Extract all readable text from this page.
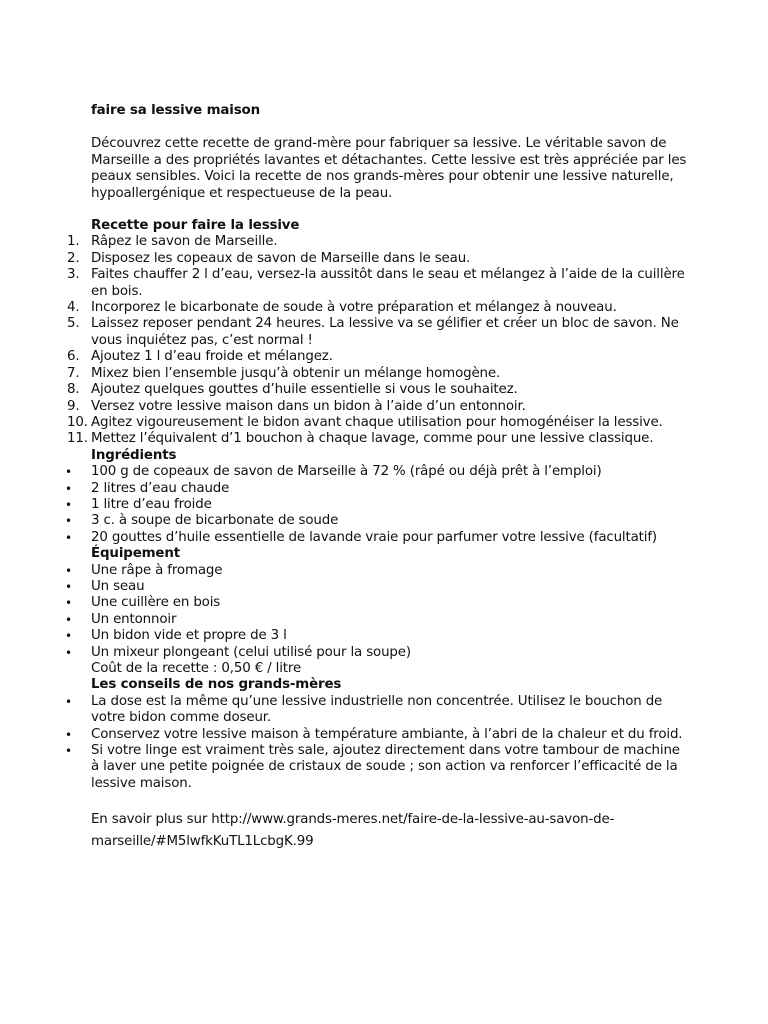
faire sa lessive maison

Découvrez cette recette de grand-mère pour fabriquer sa lessive. Le véritable savon de Marseille a des propriétés lavantes et détachantes. Cette lessive est très appréciée par les peaux sensibles. Voici la recette de nos grands-mères pour obtenir une lessive naturelle, hypoallergénique et respectueuse de la peau.

Recette pour faire la lessive

1. Râpez le savon de Marseille.
2. Disposez les copeaux de savon de Marseille dans le seau.
3. Faites chauffer 2 l d’eau, versez-la aussitôt dans le seau et mélangez à l’aide de la cuillère en bois.
4. Incorporez le bicarbonate de soude à votre préparation et mélangez à nouveau.
5. Laissez reposer pendant 24 heures. La lessive va se gélifier et créer un bloc de savon. Ne vous inquiétez pas, c’est normal !
6. Ajoutez 1 l d’eau froide et mélangez.
7. Mixez bien l’ensemble jusqu’à obtenir un mélange homogène.
8. Ajoutez quelques gouttes d’huile essentielle si vous le souhaitez.
9. Versez votre lessive maison dans un bidon à l’aide d’un entonnoir.
10. Agitez vigoureusement le bidon avant chaque utilisation pour homogénéiser la lessive.
11. Mettez l’équivalent d’1 bouchon à chaque lavage, comme pour une lessive classique.

Ingrédients

•
100 g de copeaux de savon de Marseille à 72 % (râpé ou déjà prêt à l’emploi)
•
2 litres d’eau chaude
•
1 litre d’eau froide
•
3 c. à soupe de bicarbonate de soude
•
20 gouttes d’huile essentielle de lavande vraie pour parfumer votre lessive (facultatif)

Équipement

•
Une râpe à fromage
•
Un seau
•
Une cuillère en bois
•
Un entonnoir
•
Un bidon vide et propre de 3 l
•
Un mixeur plongeant (celui utilisé pour la soupe)

Coût de la recette : 0,50 € / litre

Les conseils de nos grands-mères

•
La dose est la même qu’une lessive industrielle non concentrée. Utilisez le bouchon de votre bidon comme doseur.
•
Conservez votre lessive maison à température ambiante, à l’abri de la chaleur et du froid.
•
Si votre linge est vraiment très sale, ajoutez directement dans votre tambour de machine à laver une petite poignée de cristaux de soude ; son action va renforcer l’efficacité de la lessive maison.

En savoir plus sur http://www.grands-meres.net/faire-de-la-lessive-au-savon-de-marseille/#M5lwfkKuTL1LcbgK.99
